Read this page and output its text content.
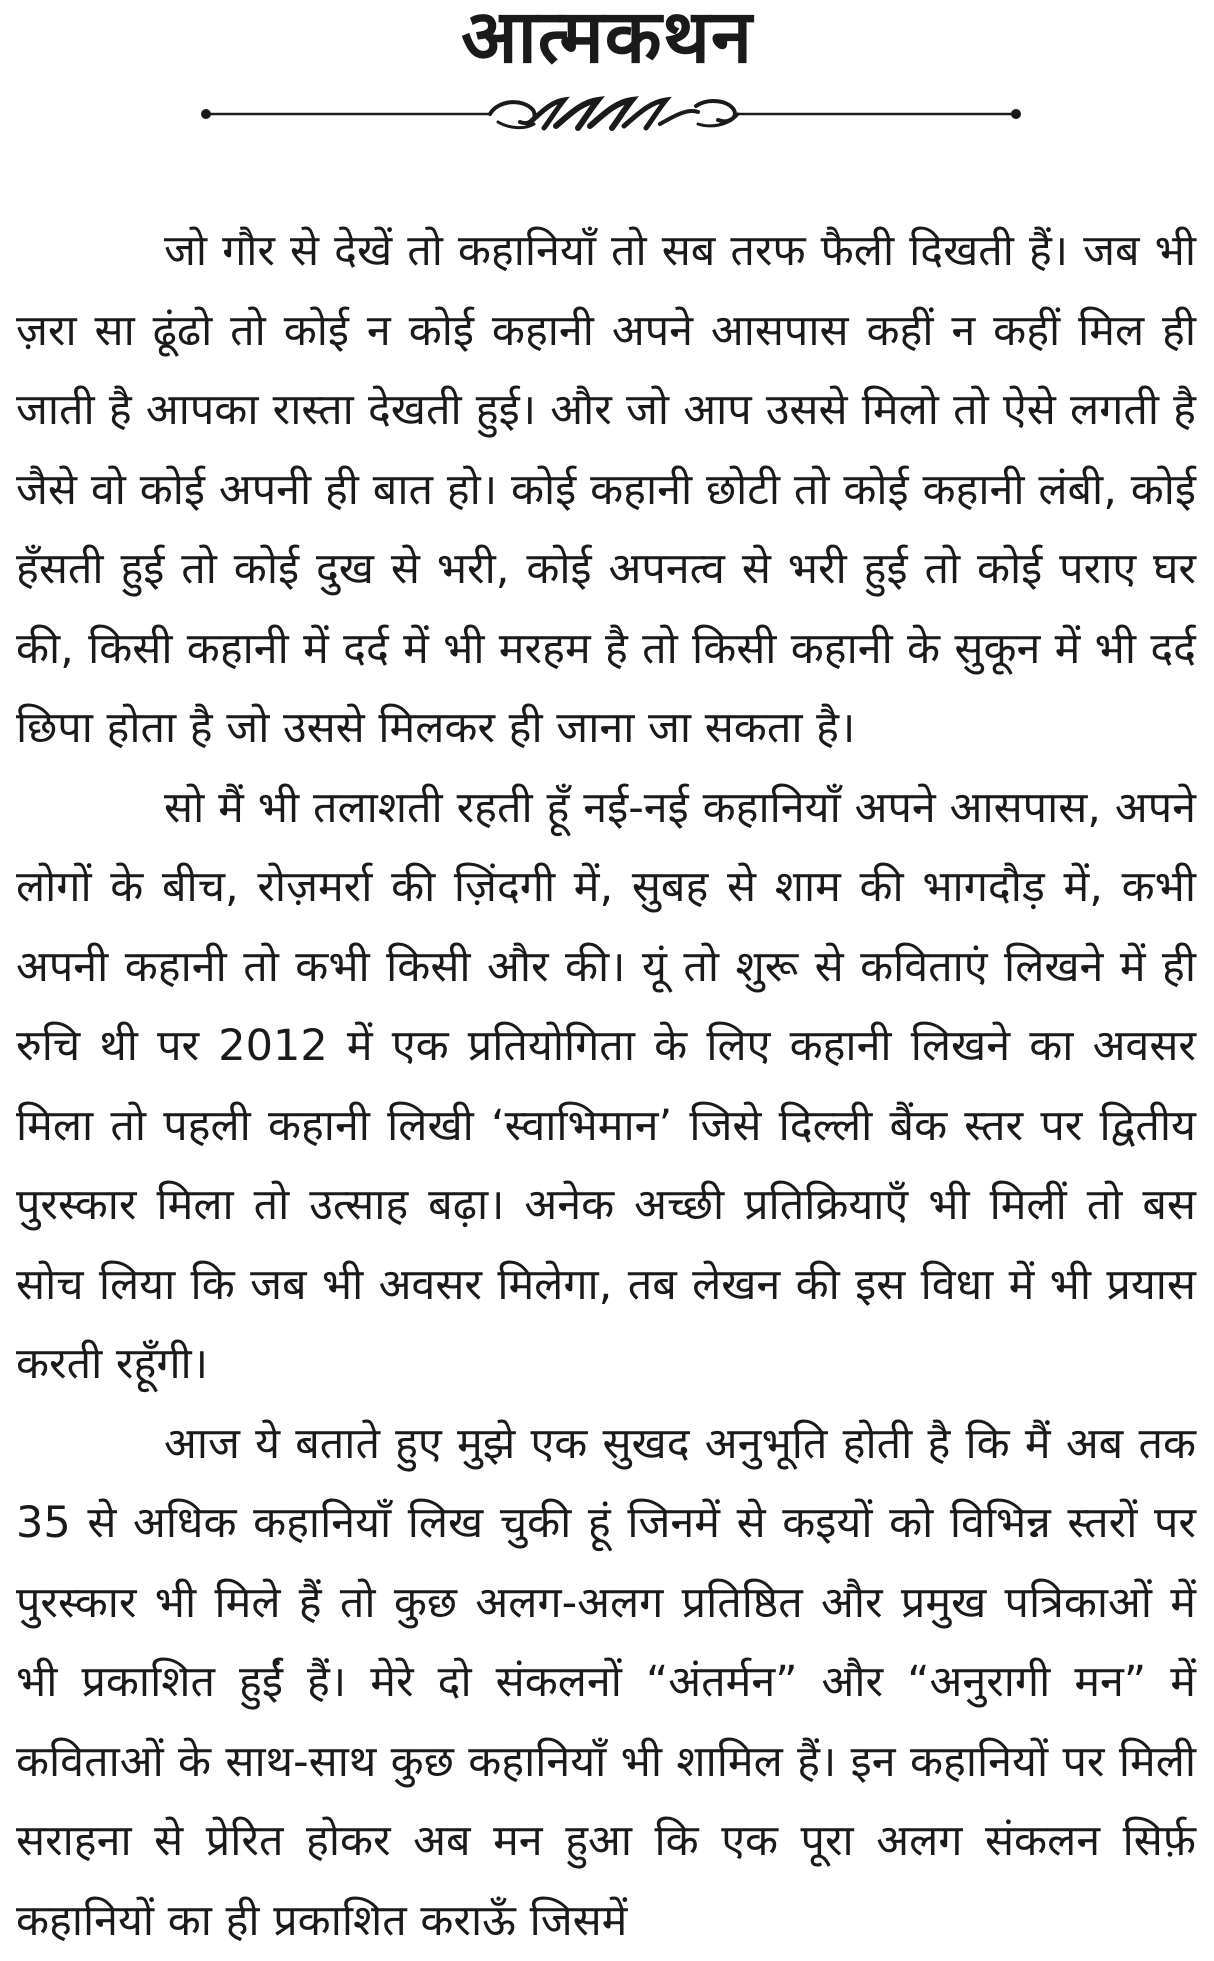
आत्मकथन

जो गौर से देखें तो कहानियाँ तो सब तरफ फैली दिखती हैं। जब भी ज़रा सा ढूंढो तो कोई न कोई कहानी अपने आसपास कहीं न कहीं मिल ही जाती है आपका रास्ता देखती हुई। और जो आप उससे मिलो तो ऐसे लगती है जैसे वो कोई अपनी ही बात हो। कोई कहानी छोटी तो कोई कहानी लंबी, कोई हँसती हुई तो कोई दुख से भरी, कोई अपनत्व से भरी हुई तो कोई पराए घर की, किसी कहानी में दर्द में भी मरहम है तो किसी कहानी के सुकून में भी दर्द छिपा होता है जो उससे मिलकर ही जाना जा सकता है।

सो मैं भी तलाशती रहती हूँ नई-नई कहानियाँ अपने आसपास, अपने लोगों के बीच, रोज़मर्रा की ज़िंदगी में, सुबह से शाम की भागदौड़ में, कभी अपनी कहानी तो कभी किसी और की। यूं तो शुरू से कविताएं लिखने में ही रुचि थी पर 2012 में एक प्रतियोगिता के लिए कहानी लिखने का अवसर मिला तो पहली कहानी लिखी ‘स्वाभिमान’ जिसे दिल्ली बैंक स्तर पर द्वितीय पुरस्कार मिला तो उत्साह बढ़ा। अनेक अच्छी प्रतिक्रियाएँ भी मिलीं तो बस सोच लिया कि जब भी अवसर मिलेगा, तब लेखन की इस विधा में भी प्रयास करती रहूँगी।

आज ये बताते हुए मुझे एक सुखद अनुभूति होती है कि मैं अब तक 35 से अधिक कहानियाँ लिख चुकी हूं जिनमें से कइयों को विभिन्न स्तरों पर पुरस्कार भी मिले हैं तो कुछ अलग-अलग प्रतिष्ठित और प्रमुख पत्रिकाओं में भी प्रकाशित हुईं हैं। मेरे दो संकलनों “अंतर्मन” और “अनुरागी मन” में कविताओं के साथ-साथ कुछ कहानियाँ भी शामिल हैं। इन कहानियों पर मिली सराहना से प्रेरित होकर अब मन हुआ कि एक पूरा अलग संकलन सिर्फ़ कहानियों का ही प्रकाशित कराऊँ जिसमें
